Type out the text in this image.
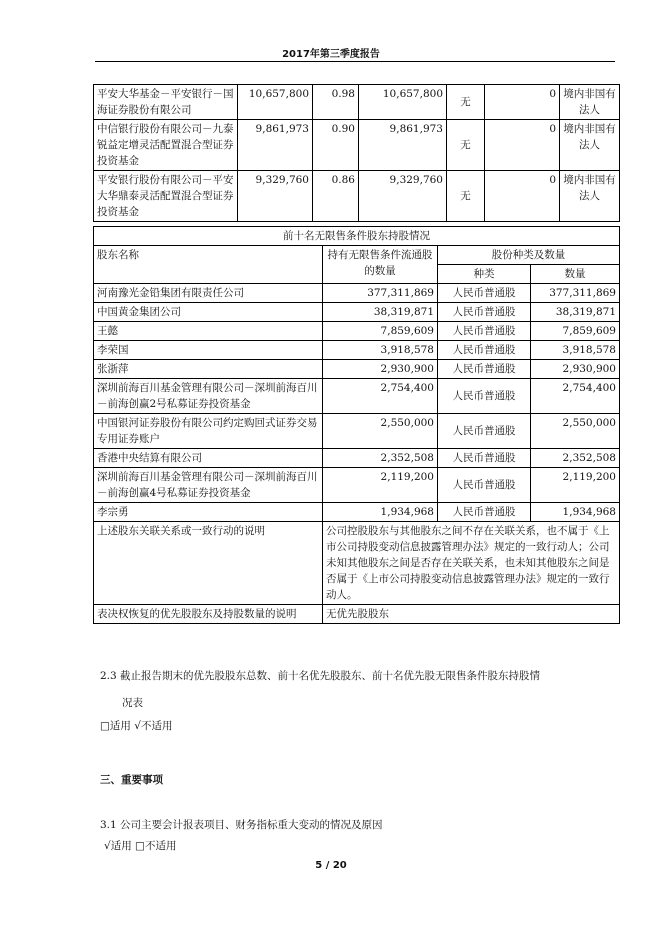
2017年第三季度报告
平安大华基金－平安银行－国海证券股份有限公司	10,657,800	0.98	10,657,800	无	0	境内非国有法人
中信银行股份有限公司－九泰锐益定增灵活配置混合型证券投资基金	9,861,973	0.90	9,861,973	无	0	境内非国有法人
平安银行股份有限公司－平安大华鼎泰灵活配置混合型证券投资基金	9,329,760	0.86	9,329,760	无	0	境内非国有法人
前十名无限售条件股东持股情况			
股东名称	持有无限售条件流通股的数量	股份种类及数量	
		种类	数量
河南豫光金铅集团有限责任公司	377,311,869	人民币普通股	377,311,869
中国黄金集团公司	38,319,871	人民币普通股	38,319,871
王懿	7,859,609	人民币普通股	7,859,609
李荣国	3,918,578	人民币普通股	3,918,578
张浙萍	2,930,900	人民币普通股	2,930,900
深圳前海百川基金管理有限公司－深圳前海百川－前海创赢2号私募证券投资基金	2,754,400	人民币普通股	2,754,400
中国银河证券股份有限公司约定购回式证券交易专用证券账户	2,550,000	人民币普通股	2,550,000
香港中央结算有限公司	2,352,508	人民币普通股	2,352,508
深圳前海百川基金管理有限公司－深圳前海百川－前海创赢4号私募证券投资基金	2,119,200	人民币普通股	2,119,200
李宗勇	1,934,968	人民币普通股	1,934,968
上述股东关联关系或一致行动的说明	公司控股股东与其他股东之间不存在关联关系，也不属于《上市公司持股变动信息披露管理办法》规定的一致行动人；公司未知其他股东之间是否存在关联关系，也未知其他股东之间是否属于《上市公司持股变动信息披露管理办法》规定的一致行动人。		
表决权恢复的优先股股东及持股数量的说明	无优先股股东		
2.3 截止报告期末的优先股股东总数、前十名优先股股东、前十名优先股无限售条件股东持股情
况表
□适用 √不适用
三、重要事项
3.1 公司主要会计报表项目、财务指标重大变动的情况及原因
√适用 □不适用
5 / 20
